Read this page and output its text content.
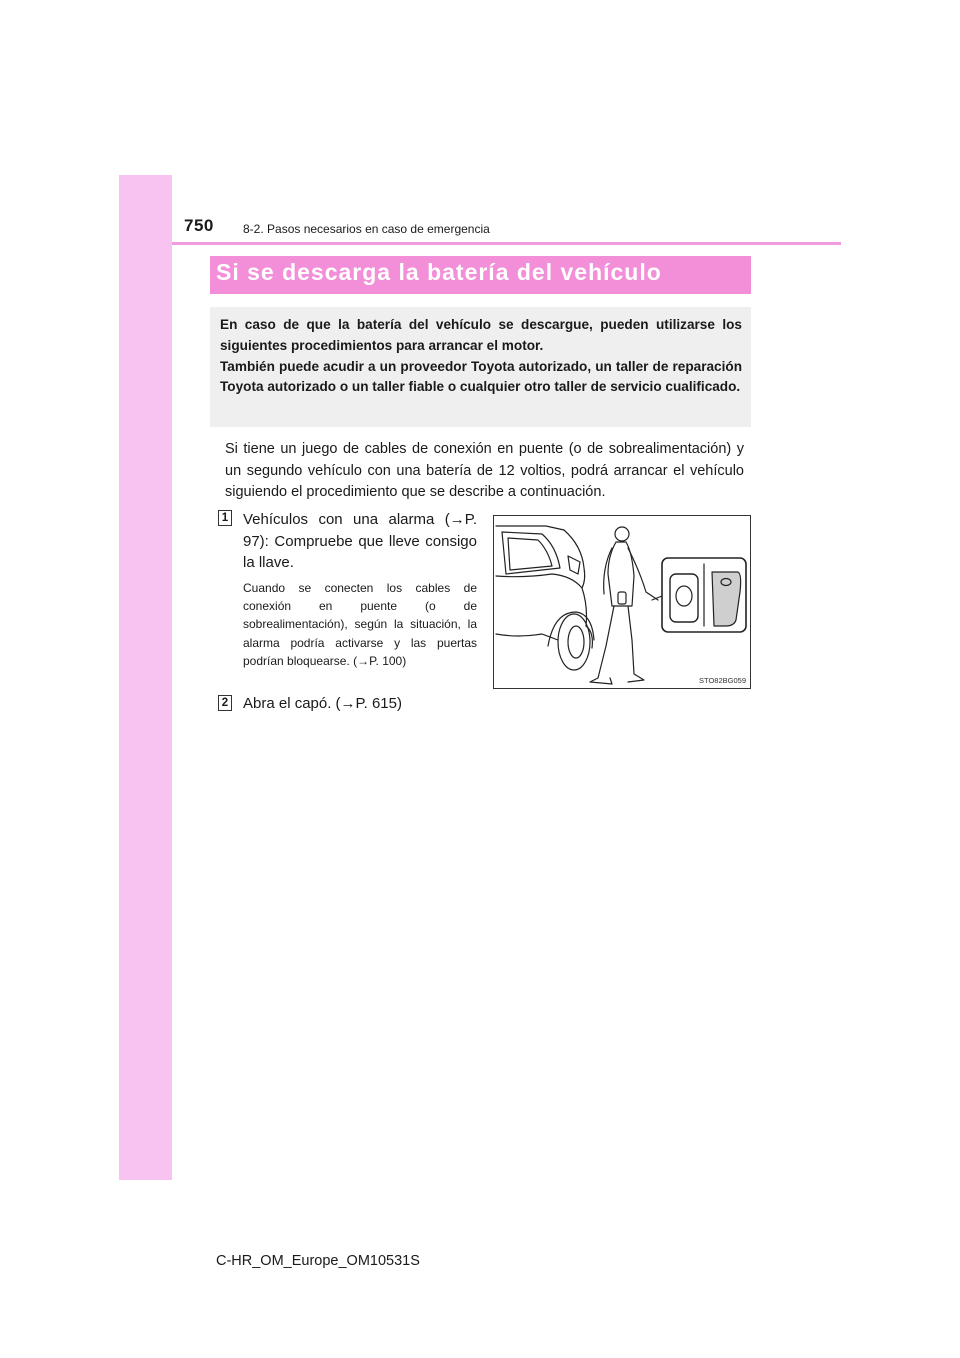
750 8-2. Pasos necesarios en caso de emergencia
Si se descarga la batería del vehículo

En caso de que la batería del vehículo se descargue, pueden utilizarse los siguientes procedimientos para arrancar el motor.

También puede acudir a un proveedor Toyota autorizado, un taller de reparación Toyota autorizado o un taller fiable o cualquier otro taller de servicio cualificado.

Si tiene un juego de cables de conexión en puente (o de sobrealimentación) y un segundo vehículo con una batería de 12 voltios, podrá arrancar el vehículo siguiendo el procedimiento que se describe a continuación.

1 Vehículos con una alarma (→P. 97): Compruebe que lleve consigo la llave.

Cuando se conecten los cables de conexión en puente (o de sobrealimentación), según la situación, la alarma podría activarse y las puertas podrían bloquearse. (→P. 100)

STO82BG059
2 Abra el capó. (→P. 615)

C-HR_OM_Europe_OM10531S
